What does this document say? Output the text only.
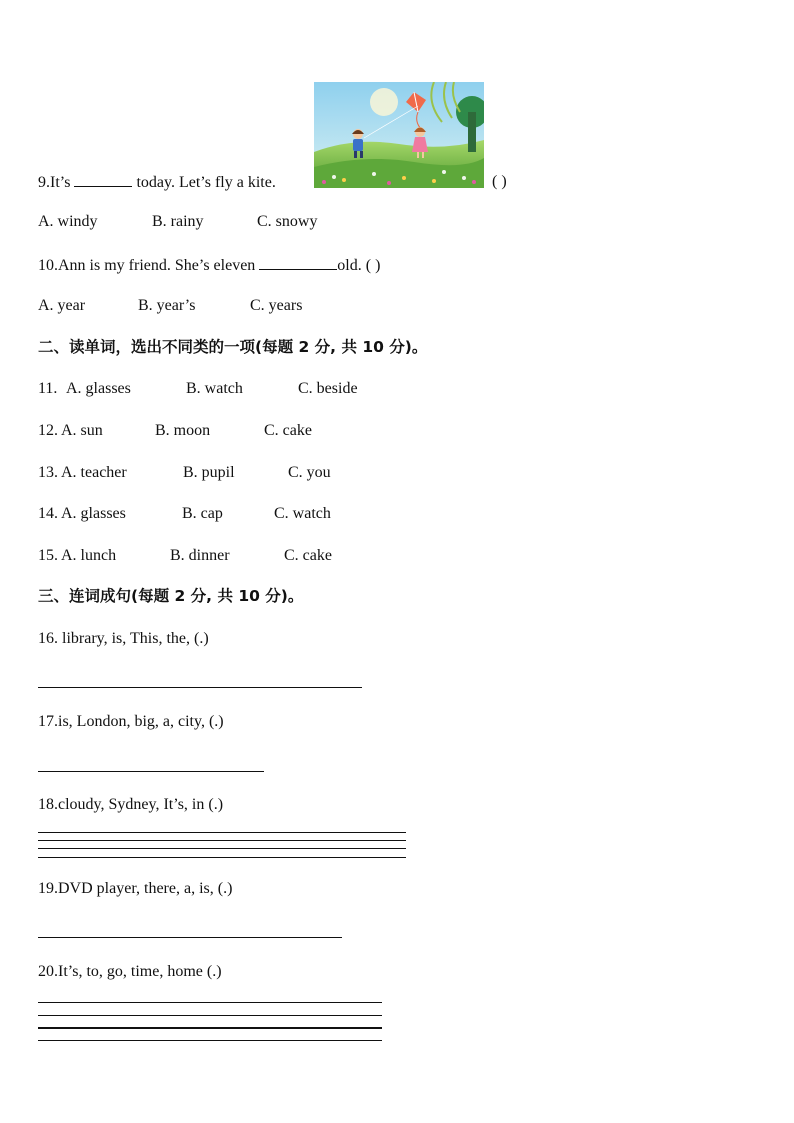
9.It’s	today. Let’s fly a kite.	( )
A. windy	B. rainy	C. snowy
10.Ann is my friend. She’s eleven	old. ( )
A. year	B. year’s	C. years
二、读单词，选出不同类的一项(每题 2 分, 共 10 分)。
11. A. glasses	B. watch	C. beside
12. A. sun	B. moon	C. cake
13. A. teacher	B. pupil	C. you
14. A. glasses	B. cap	C. watch
15. A. lunch	B. dinner	C. cake
三、连词成句(每题 2 分, 共 10 分)。
16. library, is, This, the, (.)
17.is, London, big, a, city, (.)
18.cloudy, Sydney, It’s, in (.)
19.DVD player, there, a, is, (.)
20.It’s, to, go, time, home (.)
